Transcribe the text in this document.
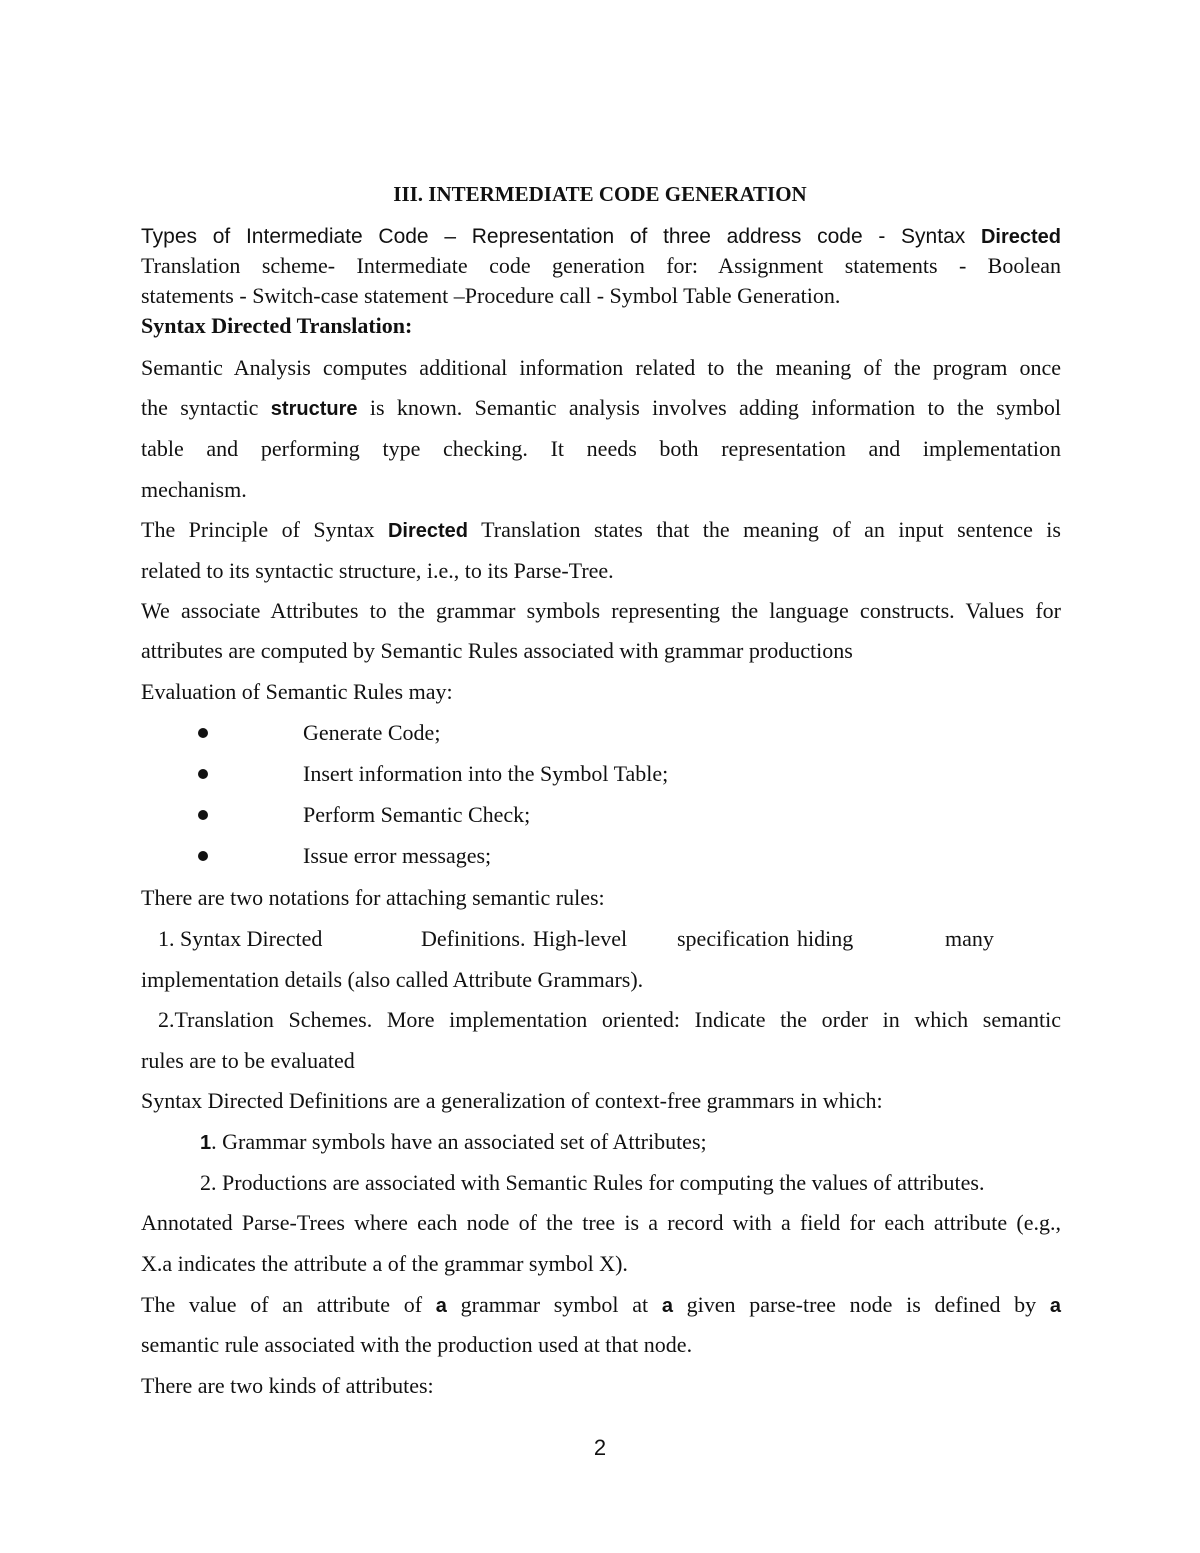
III. INTERMEDIATE CODE GENERATION
Types of Intermediate Code – Representation of three address code - Syntax Directed
Translation scheme- Intermediate code generation for: Assignment statements - Boolean
statements - Switch-case statement –Procedure call - Symbol Table Generation.
Syntax Directed Translation:
Semantic Analysis computes additional information related to the meaning of the program once
the syntactic structure is known. Semantic analysis involves adding information to the symbol
table and performing type checking. It needs both representation and implementation
mechanism.
The Principle of Syntax Directed Translation states that the meaning of an input sentence is
related to its syntactic structure, i.e., to its Parse-Tree.
We associate Attributes to the grammar symbols representing the language constructs. Values for
attributes are computed by Semantic Rules associated with grammar productions
Evaluation of Semantic Rules may:
Generate Code;
Insert information into the Symbol Table;
Perform Semantic Check;
Issue error messages;
There are two notations for attaching semantic rules:
1. Syntax Directed	Definitions. High-level specification hiding	many
implementation details (also called Attribute Grammars).
2.Translation Schemes. More implementation oriented: Indicate the order in which semantic
rules are to be evaluated
Syntax Directed Definitions are a generalization of context-free grammars in which:
1. Grammar symbols have an associated set of Attributes;
2. Productions are associated with Semantic Rules for computing the values of attributes.
Annotated Parse-Trees where each node of the tree is a record with a field for each attribute (e.g.,
X.a indicates the attribute a of the grammar symbol X).
The value of an attribute of a grammar symbol at a given parse-tree node is defined by a
semantic rule associated with the production used at that node.
There are two kinds of attributes:
2
